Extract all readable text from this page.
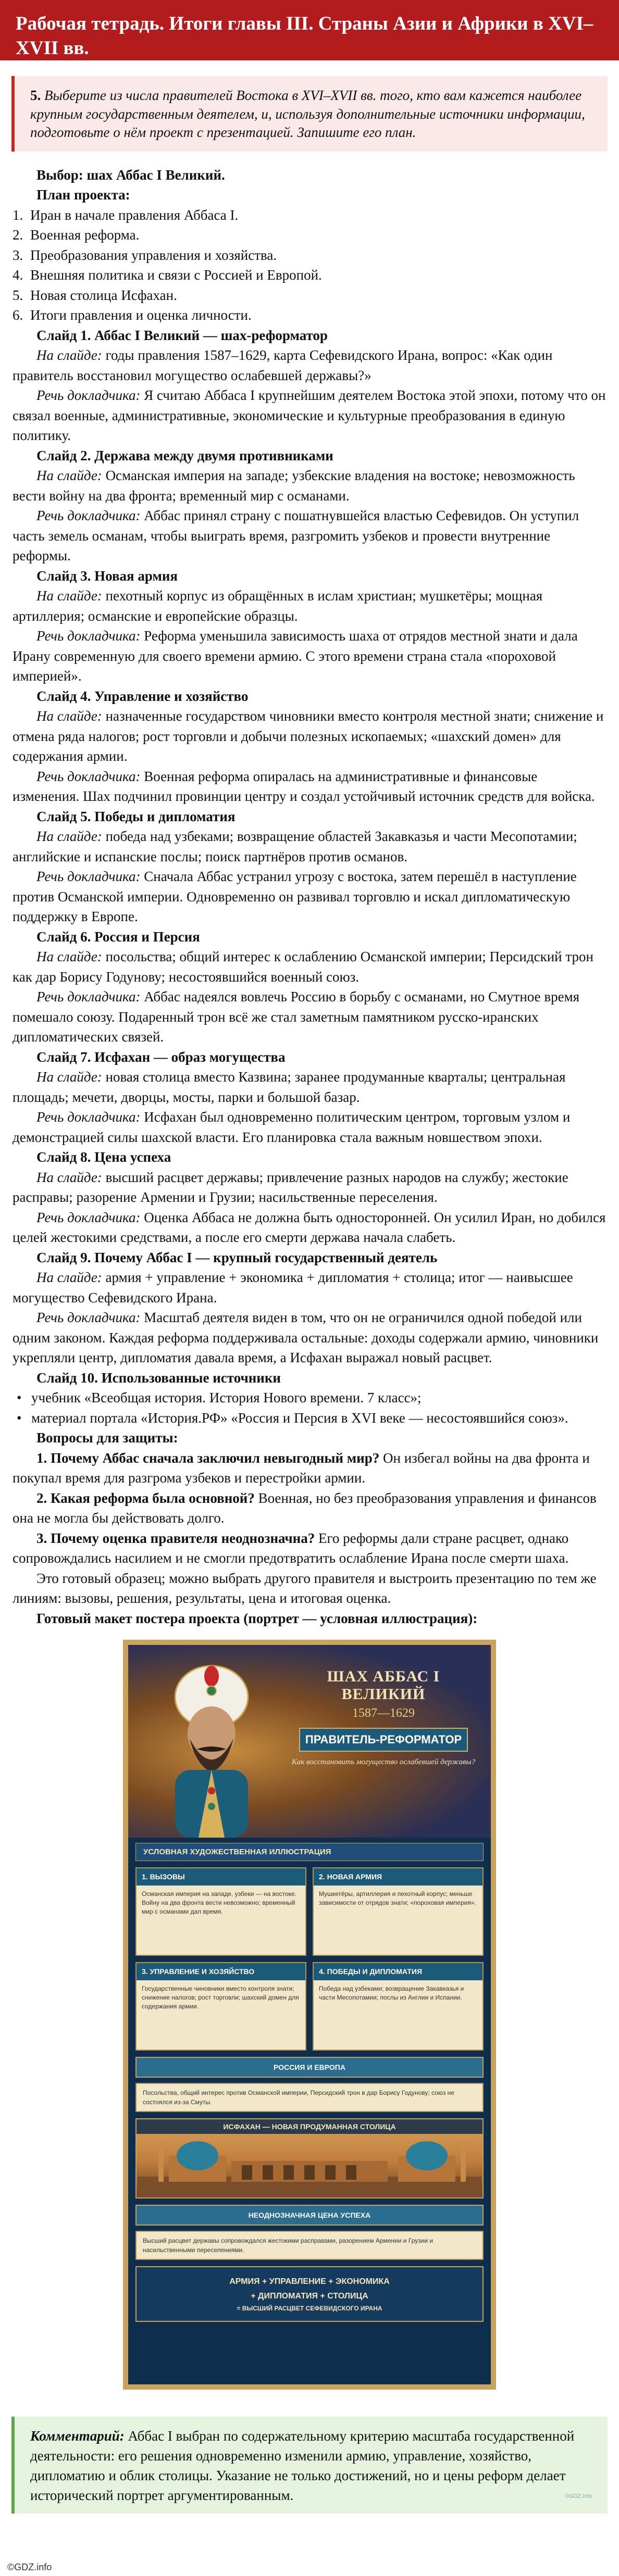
Рабочая тетрадь. Итоги главы III. Страны Азии и Африки в XVI–XVII вв.
5. Выберите из числа правителей Востока в XVI–XVII вв. того, кто вам кажется наиболее крупным государственным деятелем, и, используя дополнительные источники информации, подготовьте о нём проект с презентацией. Запишите его план.

Выбор: шах Аббас I Великий.

План проекта:

1. Иран в начале правления Аббаса I.
2. Военная реформа.
3. Преобразования управления и хозяйства.
4. Внешняя политика и связи с Россией и Европой.
5. Новая столица Исфахан.
6. Итоги правления и оценка личности.

Слайд 1. Аббас I Великий — шах-реформатор

На слайде: годы правления 1587–1629, карта Сефевидского Ирана, вопрос: «Как один правитель восстановил могущество ослабевшей державы?»

Речь докладчика: Я считаю Аббаса I крупнейшим деятелем Востока этой эпохи, потому что он связал военные, административные, экономические и культурные преобразования в единую политику.

Слайд 2. Держава между двумя противниками

На слайде: Османская империя на западе; узбекские владения на востоке; невозможность вести войну на два фронта; временный мир с османами.

Речь докладчика: Аббас принял страну с пошатнувшейся властью Сефевидов. Он уступил часть земель османам, чтобы выиграть время, разгромить узбеков и провести внутренние реформы.

Слайд 3. Новая армия

На слайде: пехотный корпус из обращённых в ислам христиан; мушкетёры; мощная артиллерия; османские и европейские образцы.

Речь докладчика: Реформа уменьшила зависимость шаха от отрядов местной знати и дала Ирану современную для своего времени армию. С этого времени страна стала «пороховой империей».

Слайд 4. Управление и хозяйство

На слайде: назначенные государством чиновники вместо контроля местной знати; снижение и отмена ряда налогов; рост торговли и добычи полезных ископаемых; «шахский домен» для содержания армии.

Речь докладчика: Военная реформа опиралась на административные и финансовые изменения. Шах подчинил провинции центру и создал устойчивый источник средств для войска.

Слайд 5. Победы и дипломатия

На слайде: победа над узбеками; возвращение областей Закавказья и части Месопотамии; английские и испанские послы; поиск партнёров против османов.

Речь докладчика: Сначала Аббас устранил угрозу с востока, затем перешёл в наступление против Османской империи. Одновременно он развивал торговлю и искал дипломатическую поддержку в Европе.

Слайд 6. Россия и Персия

На слайде: посольства; общий интерес к ослаблению Османской империи; Персидский трон как дар Борису Годунову; несостоявшийся военный союз.

Речь докладчика: Аббас надеялся вовлечь Россию в борьбу с османами, но Смутное время помешало союзу. Подаренный трон всё же стал заметным памятником русско-иранских дипломатических связей.

Слайд 7. Исфахан — образ могущества

На слайде: новая столица вместо Казвина; заранее продуманные кварталы; центральная площадь; мечети, дворцы, мосты, парки и большой базар.

Речь докладчика: Исфахан был одновременно политическим центром, торговым узлом и демонстрацией силы шахской власти. Его планировка стала важным новшеством эпохи.

Слайд 8. Цена успеха

На слайде: высший расцвет державы; привлечение разных народов на службу; жестокие расправы; разорение Армении и Грузии; насильственные переселения.

Речь докладчика: Оценка Аббаса не должна быть односторонней. Он усилил Иран, но добился целей жестокими средствами, а после его смерти держава начала слабеть.

Слайд 9. Почему Аббас I — крупный государственный деятель

На слайде: армия + управление + экономика + дипломатия + столица; итог — наивысшее могущество Сефевидского Ирана.

Речь докладчика: Масштаб деятеля виден в том, что он не ограничился одной победой или одним законом. Каждая реформа поддерживала остальные: доходы содержали армию, чиновники укрепляли центр, дипломатия давала время, а Исфахан выражал новый расцвет.

Слайд 10. Использованные источники

• учебник «Всеобщая история. История Нового времени. 7 класс»;
• материал портала «История.РФ» «Россия и Персия в XVI веке — несостоявшийся союз».

Вопросы для защиты:

1. Почему Аббас сначала заключил невыгодный мир? Он избегал войны на два фронта и покупал время для разгрома узбеков и перестройки армии.

2. Какая реформа была основной? Военная, но без преобразования управления и финансов она не могла бы действовать долго.

3. Почему оценка правителя неоднозначна? Его реформы дали стране расцвет, однако сопровождались насилием и не смогли предотвратить ослабление Ирана после смерти шаха.

Это готовый образец; можно выбрать другого правителя и выстроить презентацию по тем же линиям: вызовы, решения, результаты, цена и итоговая оценка.

Готовый макет постера проекта (портрет — условная иллюстрация):

ШАХ АББАС I ВЕЛИКИЙ
1587—1629
ПРАВИТЕЛЬ-РЕФОРМАТОР
Как восстановить могущество ослабевшей державы?
УСЛОВНАЯ ХУДОЖЕСТВЕННАЯ ИЛЛЮСТРАЦИЯ
1. ВЫЗОВЫ
Османская империя на западе, узбеки — на востоке. Войну на два фронта вести невозможно; временный мир с османами дал время.
2. НОВАЯ АРМИЯ
Мушкетёры, артиллерия и пехотный корпус; меньше зависимости от отрядов знати; «пороховая империя».
3. УПРАВЛЕНИЕ И ХОЗЯЙСТВО
Государственные чиновники вместо контроля знати; снижение налогов; рост торговли; шахский домен для содержания армии.
4. ПОБЕДЫ И ДИПЛОМАТИЯ
Победа над узбеками; возвращение Закавказья и части Месопотамии; послы из Англии и Испании.
РОССИЯ И ЕВРОПА
Посольства, общий интерес против Османской империи, Персидский трон в дар Борису Годунову; союз не состоялся из-за Смуты.
ИСФАХАН — НОВАЯ ПРОДУМАННАЯ СТОЛИЦА
НЕОДНОЗНАЧНАЯ ЦЕНА УСПЕХА
Высший расцвет державы сопровождался жестокими расправами, разорением Армении и Грузии и насильственными переселениями.
АРМИЯ + УПРАВЛЕНИЕ + ЭКОНОМИКА
+ ДИПЛОМАТИЯ + СТОЛИЦА
= ВЫСШИЙ РАСЦВЕТ СЕФЕВИДСКОГО ИРАНА
Комментарий: Аббас I выбран по содержательному критерию масштаба государственной деятельности: его решения одновременно изменили армию, управление, хозяйство, дипломатию и облик столицы. Указание не только достижений, но и цены реформ делает исторический портрет аргументированным.	©GDZ.info
©GDZ.info
